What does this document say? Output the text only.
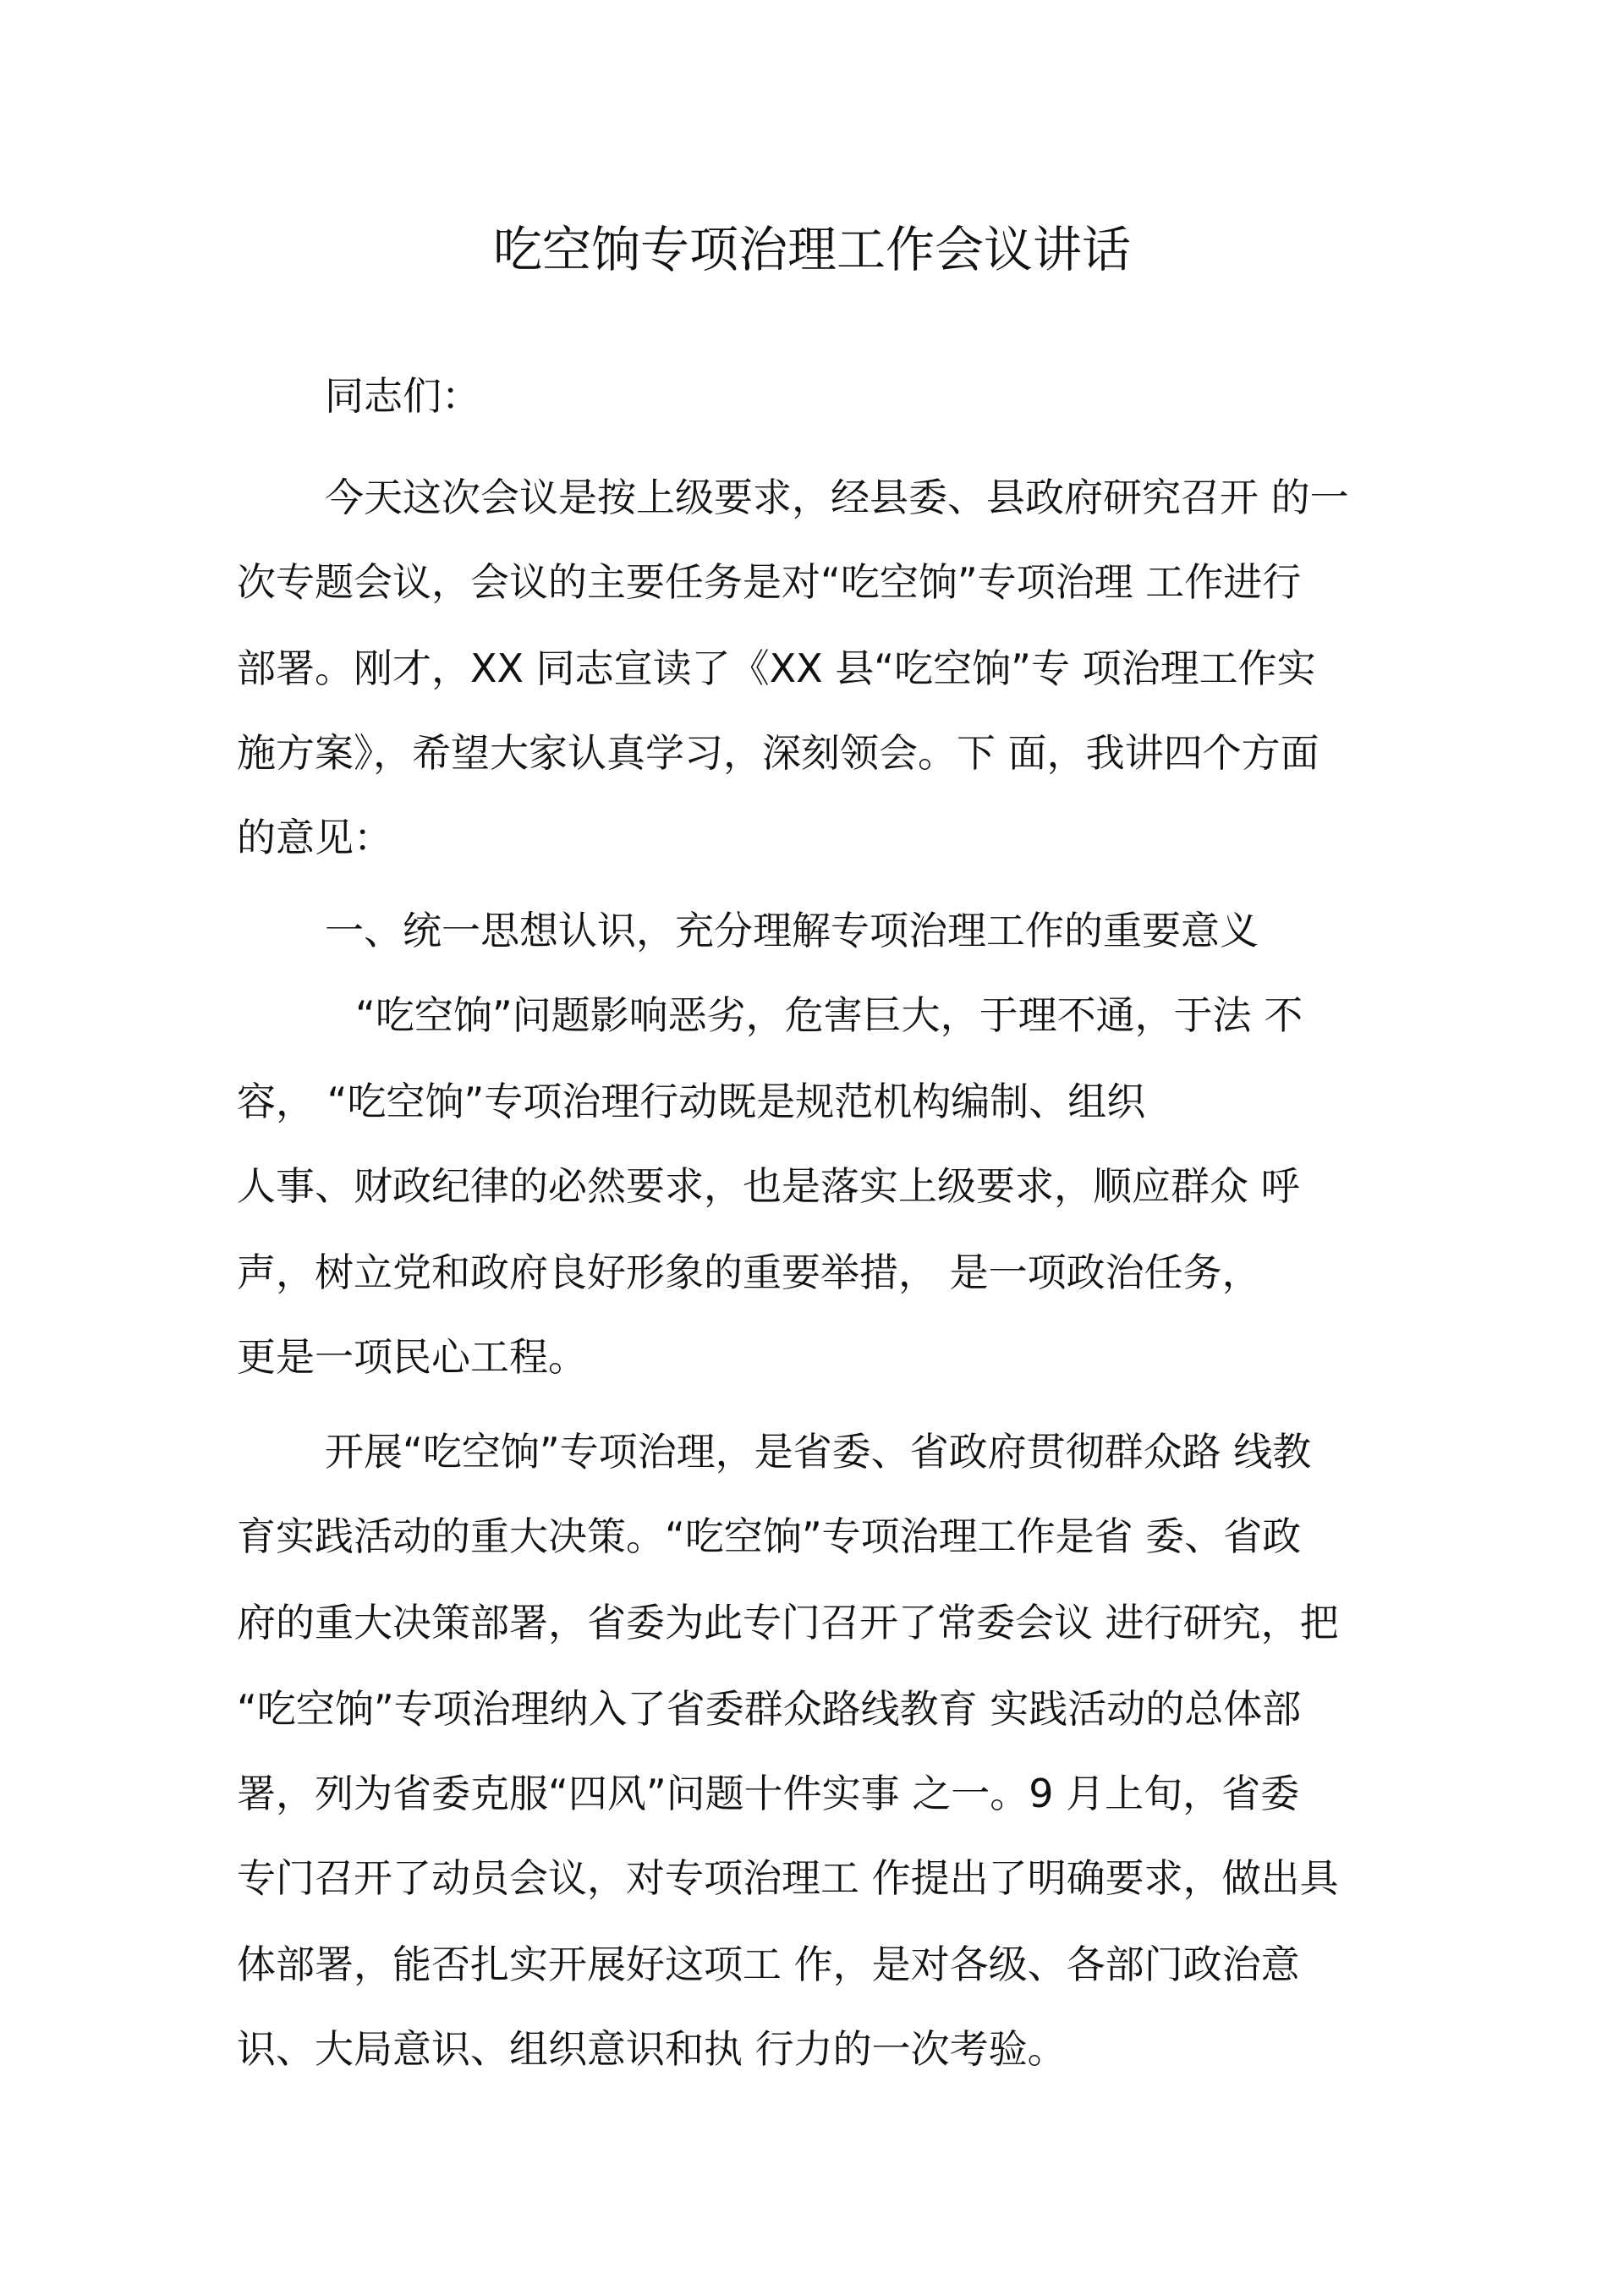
吃空饷专项治理工作会议讲话

同志们：

今天这次会议是按上级要求，经县委、县政府研究召开 的一

次专题会议，会议的主要任务是对“吃空饷”专项治理 工作进行

部署。刚才，XX 同志宣读了《XX 县“吃空饷”专 项治理工作实

施方案》，希望大家认真学习，深刻领会。下 面，我讲四个方面

的意见：

一、统一思想认识，充分理解专项治理工作的重要意义

“吃空饷”问题影响恶劣，危害巨大，于理不通，于法 不

容， “吃空饷”专项治理行动既是规范机构编制、组织

人事、财政纪律的必然要求，也是落实上级要求，顺应群众 呼

声，树立党和政府良好形象的重要举措， 是一项政治任务，

更是一项民心工程。

开展“吃空饷”专项治理，是省委、省政府贯彻群众路 线教

育实践活动的重大决策。“吃空饷”专项治理工作是省 委、省政

府的重大决策部署，省委为此专门召开了常委会议 进行研究，把

“吃空饷”专项治理纳入了省委群众路线教育 实践活动的总体部

署，列为省委克服“四风”问题十件实事 之一。9 月上旬，省委

专门召开了动员会议，对专项治理工 作提出了明确要求，做出具

体部署，能否扎实开展好这项工 作，是对各级、各部门政治意

识、大局意识、组织意识和执 行力的一次考验。
